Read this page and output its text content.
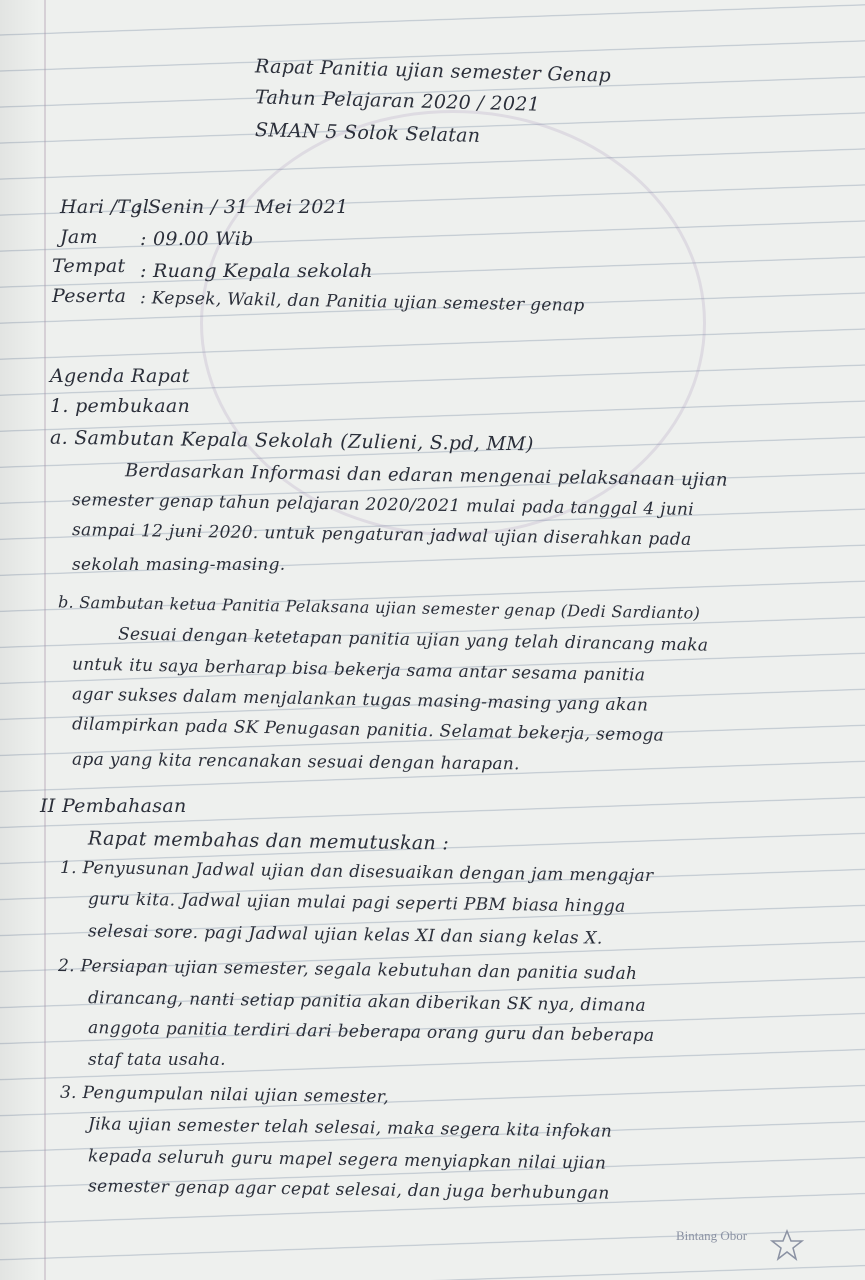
Rapat Panitia ujian semester Genap
Tahun Pelajaran 2020 / 2021
SMAN 5 Solok Selatan
Hari /Tgl
: Senin / 31 Mei 2021
Jam : 09.00 Wib
Tempat : Ruang Kepala sekolah
Peserta : Kepsek, Wakil, dan Panitia ujian semester genap
Agenda Rapat
1. pembukaan
a. Sambutan Kepala Sekolah (Zulieni, S.pd, MM)
Berdasarkan Informasi dan edaran mengenai pelaksanaan ujian
semester genap tahun pelajaran 2020/2021 mulai pada tanggal 4 juni
sampai 12 juni 2020. untuk pengaturan jadwal ujian diserahkan pada
sekolah masing-masing.
b. Sambutan ketua Panitia Pelaksana ujian semester genap (Dedi Sardianto)
Sesuai dengan ketetapan panitia ujian yang telah dirancang maka
untuk itu saya berharap bisa bekerja sama antar sesama panitia
agar sukses dalam menjalankan tugas masing-masing yang akan
dilampirkan pada SK Penugasan panitia. Selamat bekerja, semoga
apa yang kita rencanakan sesuai dengan harapan.
II Pembahasan
Rapat membahas dan memutuskan :
1. Penyusunan Jadwal ujian dan disesuaikan dengan jam mengajar
guru kita. Jadwal ujian mulai pagi seperti PBM biasa hingga
selesai sore. pagi Jadwal ujian kelas XI dan siang kelas X.
2. Persiapan ujian semester, segala kebutuhan dan panitia sudah
dirancang, nanti setiap panitia akan diberikan SK nya, dimana
anggota panitia terdiri dari beberapa orang guru dan beberapa
staf tata usaha.
3. Pengumpulan nilai ujian semester,
Jika ujian semester telah selesai, maka segera kita infokan
kepada seluruh guru mapel segera menyiapkan nilai ujian
semester genap agar cepat selesai, dan juga berhubungan
Bintang Obor
